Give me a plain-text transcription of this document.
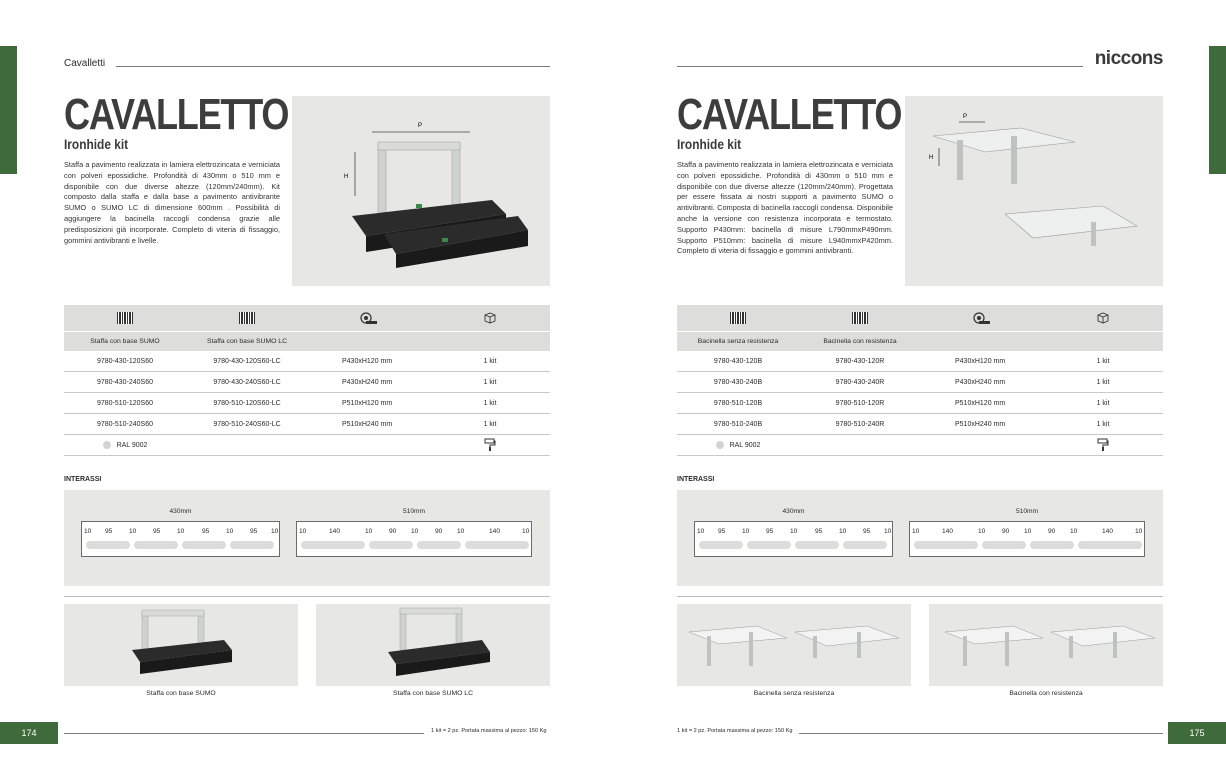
Cavalletti
CAVALLETTO
Ironhide kit
Staffa a pavimento realizzata in lamiera elettrozincata e verniciata con polveri epossidiche. Profondità di 430mm o 510 mm e disponibile con due diverse altezze (120mm/240mm). Kit composto dalla staffa e dalla base a pavimento antivibrante SUMO o SUMO LC di dimensione 600mm . Possibilità di aggiungere la bacinella raccogli condensa grazie alle predisposizioni già incorporate. Completo di viteria di fissaggio, gommini antivibranti e livelle.
P
H
Staffa con base SUMO	Staffa con base SUMO LC
9780-430-120S60	9780-430-120S60-LC	P430xH120 mm	1 kit
9780-430-240S60	9780-430-240S60-LC	P430xH240 mm	1 kit
9780-510-120S60	9780-510-120S60-LC	P510xH120 mm	1 kit
9780-510-240S60	9780-510-240S60-LC	P510xH240 mm	1 kit
RAL 9002
INTERASSI
430mm
10 95	10	95	10	95	10	95 10
510mm
10	140	10	90 10	90 10	140	10
Staffa con base SUMO	Staffa con base SUMO LC
1 kit = 2 pz. Portata massima al pezzo: 150 Kg
174
niccons
CAVALLETTO
Ironhide kit
Staffa a pavimento realizzata in lamiera elettrozincata e verniciata con polveri epossidiche. Profondità di 430mm o 510 mm e disponibile con due diverse altezze (120mm/240mm). Progettata per essere fissata ai nostri supporti a pavimento SUMO o antivibranti. Composta di bacinella raccogli condensa. Disponibile anche la versione con resistenza incorporata e termostato. Supporto P430mm: bacinella di misure L790mmxP490mm. Supporto P510mm: bacinella di misure L940mmxP420mm. Completo di viteria di fissaggio e gommini antivibranti.
P
H
Bacinella senza resistenza	Bacinella con resistenza
9780-430-120B	9780-430-120R	P430xH120 mm	1 kit
9780-430-240B	9780-430-240R	P430xH240 mm	1 kit
9780-510-120B	9780-510-120R	P510xH120 mm	1 kit
9780-510-240B	9780-510-240R	P510xH240 mm	1 kit
RAL 9002
INTERASSI
430mm
10 95	10	95	10	95	10	95 10
510mm
10	140	10	90 10	90 10	140	10
Bacinella senza resistenza	Bacinella con resistenza
1 kit = 2 pz. Portata massima al pezzo: 150 Kg	175
